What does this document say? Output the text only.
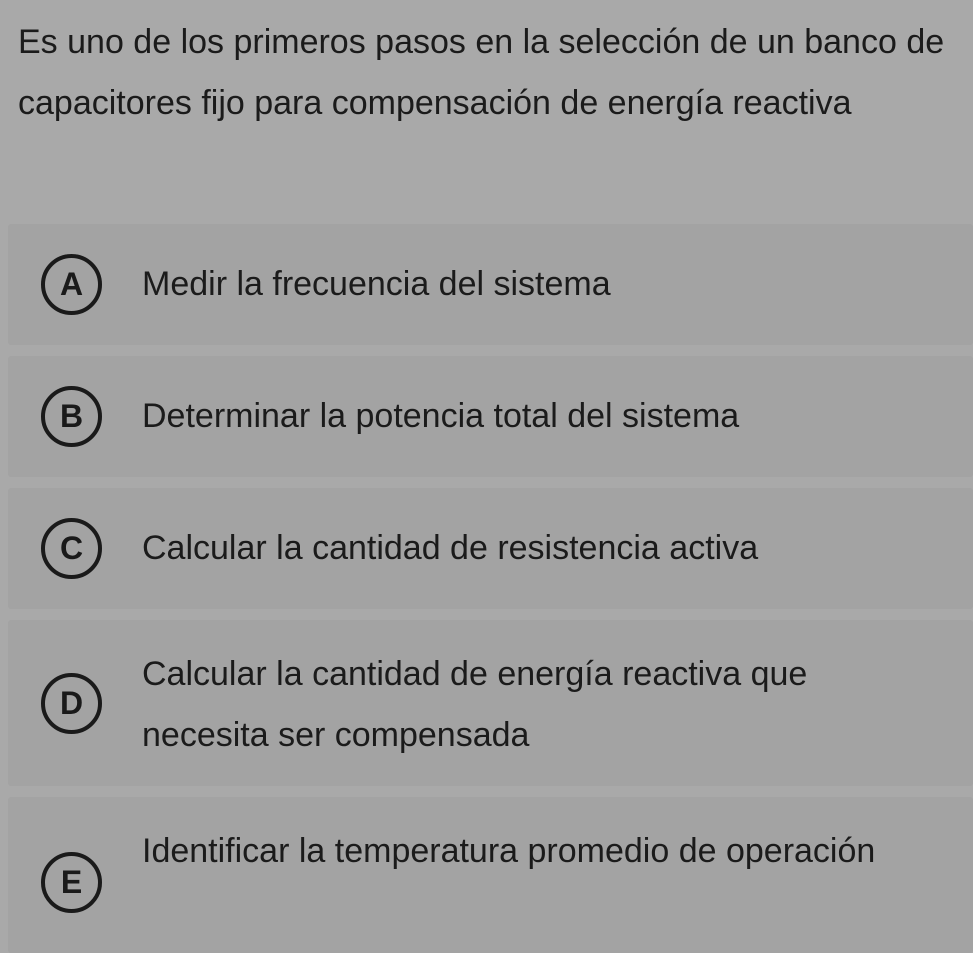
Es uno de los primeros pasos en la selección de un banco de capacitores fijo para compensación de energía reactiva

A	Medir la frecuencia del sistema
B	Determinar la potencia total del sistema
C	Calcular la cantidad de resistencia activa
D
Calcular la cantidad de energía reactiva que necesita ser compensada
E
Identificar la temperatura promedio de operación
